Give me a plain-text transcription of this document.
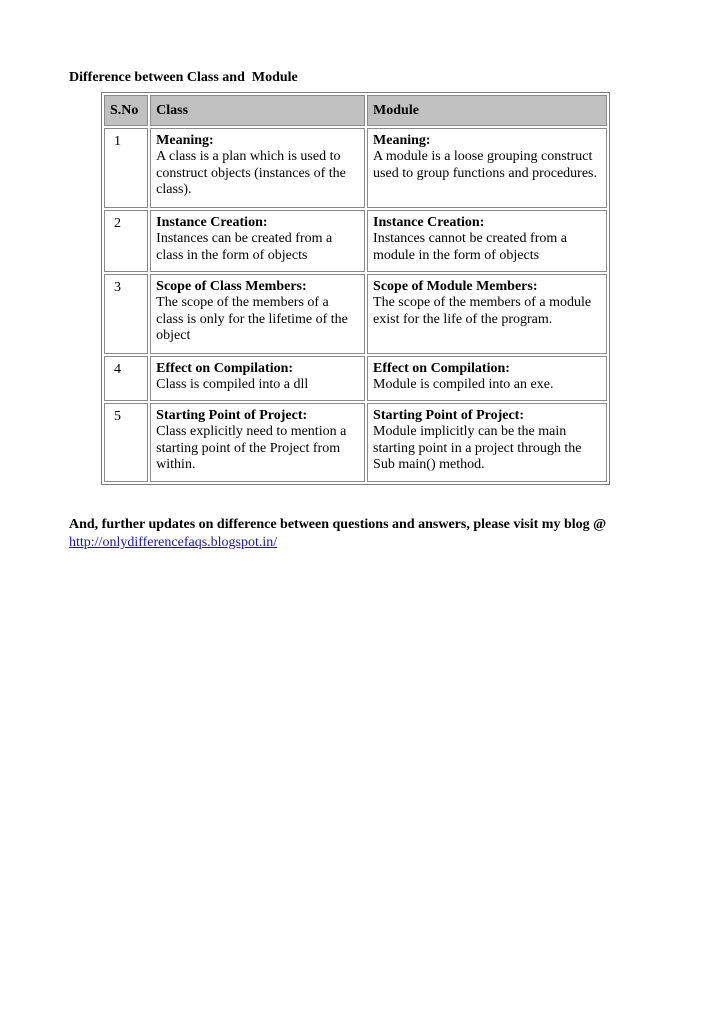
Difference between Class and  Module
S.No	Class	Module
1	Meaning:
A class is a plan which is used to construct objects (instances of the class).	Meaning:
A module is a loose grouping construct used to group functions and procedures.

2	Instance Creation:
Instances can be created from a class in the form of objects	Instance Creation:
Instances cannot be created from a module in the form of objects

3	Scope of Class Members:
The scope of the members of a class is only for the lifetime of the object	Scope of Module Members:
The scope of the members of a module exist for the life of the program.

4	Effect on Compilation:
Class is compiled into a dll	Effect on Compilation:
Module is compiled into an exe.

5	Starting Point of Project:
Class explicitly need to mention a starting point of the Project from within.	Starting Point of Project:
Module implicitly can be the main starting point in a project through the Sub main() method.
And, further updates on difference between questions and answers, please visit my blog @
http://onlydifferencefaqs.blogspot.in/
